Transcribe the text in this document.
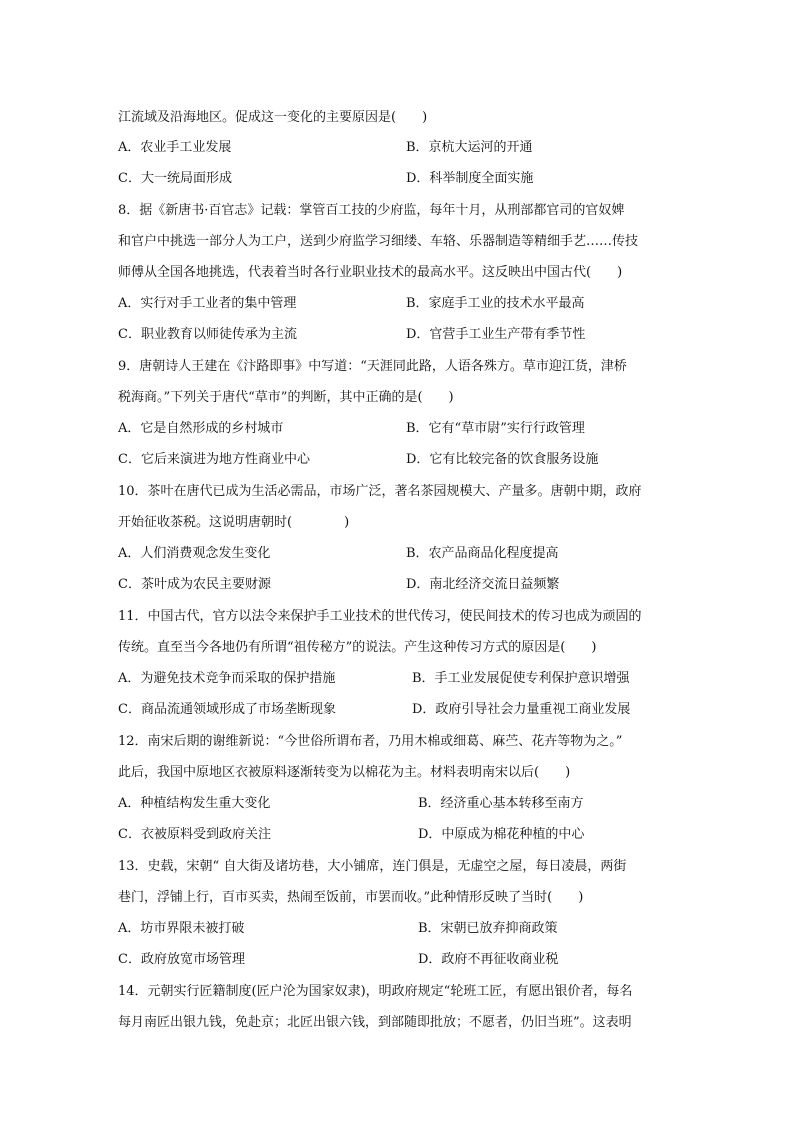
江流域及沿海地区。促成这一变化的主要原因是(　　)
A．农业手工业发展	B．京杭大运河的开通
C．大一统局面形成	D．科举制度全面实施
8．据《新唐书·百官志》记载：掌管百工技的少府监，每年十月，从刑部都官司的官奴婢
和官户中挑选一部分人为工户，送到少府监学习细缕、车辂、乐器制造等精细手艺……传技
师傅从全国各地挑选，代表着当时各行业职业技术的最高水平。这反映出中国古代(　　)
A．实行对手工业者的集中管理	B．家庭手工业的技术水平最高
C．职业教育以师徒传承为主流	D．官营手工业生产带有季节性
9．唐朝诗人王建在《汴路即事》中写道：“天涯同此路，人语各殊方。草市迎江货，津桥
税海商。”下列关于唐代“草市”的判断，其中正确的是(　　)
A．它是自然形成的乡村城市	B．它有“草市尉”实行行政管理
C．它后来演进为地方性商业中心	D．它有比较完备的饮食服务设施
10．茶叶在唐代已成为生活必需品，市场广泛，著名茶园规模大、产量多。唐朝中期，政府
开始征收茶税。这说明唐朝时(　　　　)
A．人们消费观念发生变化	B．农产品商品化程度提高
C．茶叶成为农民主要财源	D．南北经济交流日益频繁
11．中国古代，官方以法令来保护手工业技术的世代传习，使民间技术的传习也成为顽固的
传统。直至当今各地仍有所谓“祖传秘方”的说法。产生这种传习方式的原因是(　　)
A．为避免技术竞争而采取的保护措施	B．手工业发展促使专利保护意识增强
C．商品流通领域形成了市场垄断现象	D．政府引导社会力量重视工商业发展
12．南宋后期的谢维新说：“今世俗所谓布者，乃用木棉或细葛、麻苎、花卉等物为之。”
此后，我国中原地区衣被原料逐渐转变为以棉花为主。材料表明南宋以后(　　)
A．种植结构发生重大变化	B．经济重心基本转移至南方
C．衣被原料受到政府关注	D．中原成为棉花种植的中心
13．史载，宋朝“ 自大街及诸坊巷，大小铺席，连门俱是，无虚空之屋，每日凌晨，两街
巷门，浮铺上行，百市买卖，热闹至饭前，市罢而收。”此种情形反映了当时(　　)
A．坊市界限未被打破	B．宋朝已放弃抑商政策
C．政府放宽市场管理	D．政府不再征收商业税
14．元朝实行匠籍制度(匠户沦为国家奴隶)，明政府规定“轮班工匠，有愿出银价者，每名
每月南匠出银九钱，免赴京；北匠出银六钱，到部随即批放；不愿者，仍旧当班”。这表明
